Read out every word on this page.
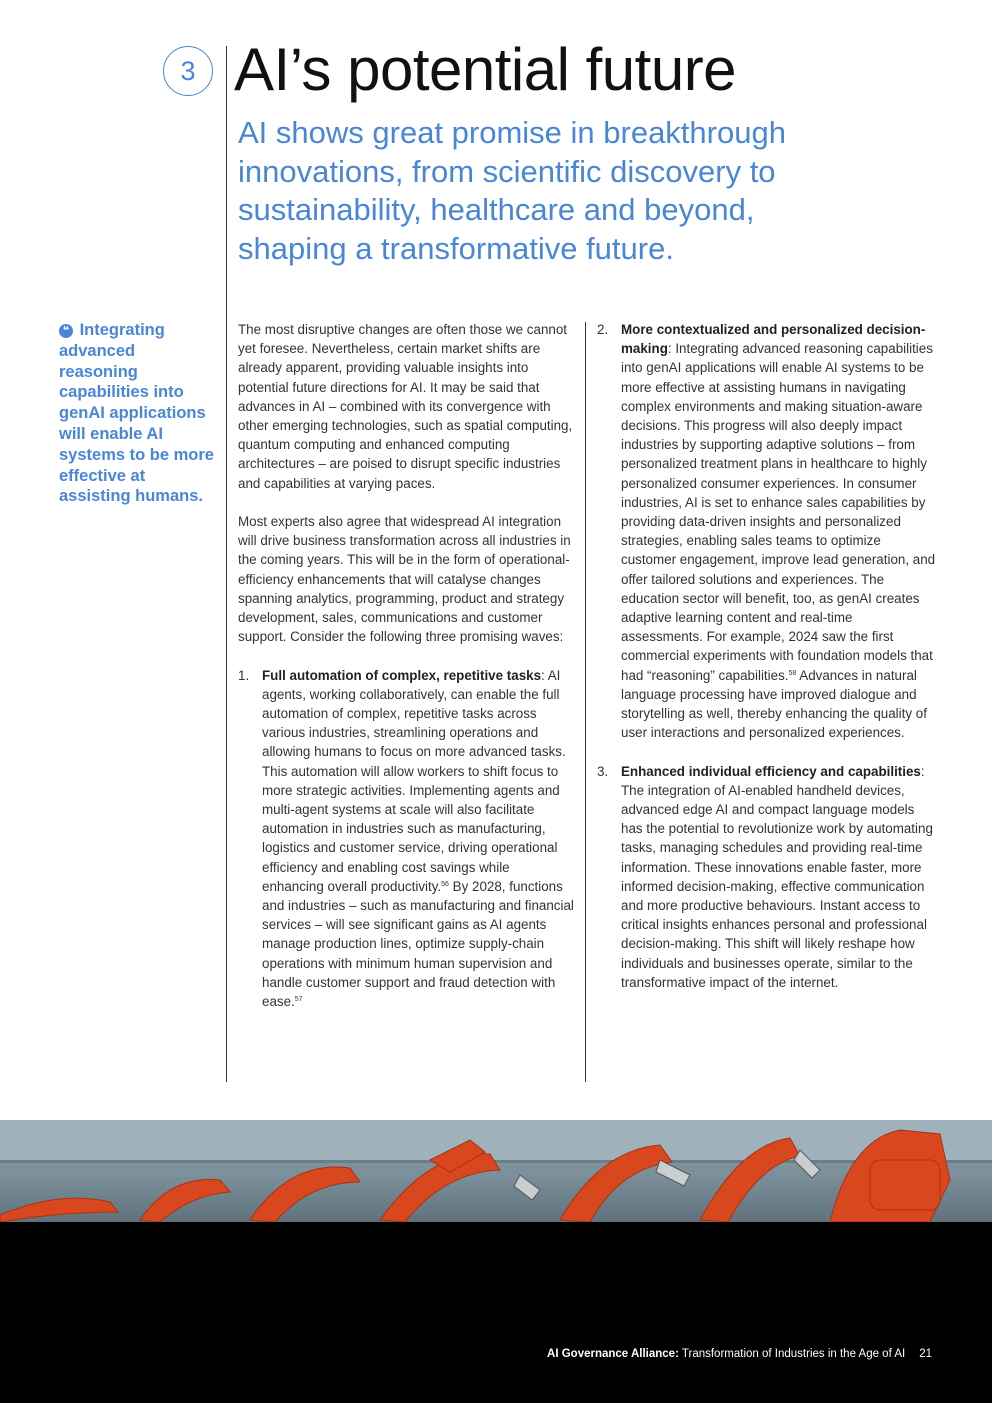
3 AI’s potential future

AI shows great promise in breakthrough innovations, from scientific discovery to sustainability, healthcare and beyond, shaping a transformative future.

❝ Integrating advanced reasoning capabilities into genAI applications will enable AI systems to be more effective at assisting humans.

The most disruptive changes are often those we cannot yet foresee. Nevertheless, certain market shifts are already apparent, providing valuable insights into potential future directions for AI. It may be said that advances in AI – combined with its convergence with other emerging technologies, such as spatial computing, quantum computing and enhanced computing architectures – are poised to disrupt specific industries and capabilities at varying paces.

Most experts also agree that widespread AI integration will drive business transformation across all industries in the coming years. This will be in the form of operational-efficiency enhancements that will catalyse changes spanning analytics, programming, product and strategy development, sales, communications and customer support. Consider the following three promising waves:

1. Full automation of complex, repetitive tasks: AI agents, working collaboratively, can enable the full automation of complex, repetitive tasks across various industries, streamlining operations and allowing humans to focus on more advanced tasks. This automation will allow workers to shift focus to more strategic activities. Implementing agents and multi-agent systems at scale will also facilitate automation in industries such as manufacturing, logistics and customer service, driving operational efficiency and enabling cost savings while enhancing overall productivity.$^{56}$ By 2028, functions and industries – such as manufacturing and financial services – will see significant gains as AI agents manage production lines, optimize supply-chain operations with minimum human supervision and handle customer support and fraud detection with ease.$^{57}$
2. More contextualized and personalized decision-making: Integrating advanced reasoning capabilities into genAI applications will enable AI systems to be more effective at assisting humans in navigating complex environments and making situation-aware decisions. This progress will also deeply impact industries by supporting adaptive solutions – from personalized treatment plans in healthcare to highly personalized consumer experiences. In consumer industries, AI is set to enhance sales capabilities by providing data-driven insights and personalized strategies, enabling sales teams to optimize customer engagement, improve lead generation, and offer tailored solutions and experiences. The education sector will benefit, too, as genAI creates adaptive learning content and real-time assessments. For example, 2024 saw the first commercial experiments with foundation models that had “reasoning” capabilities.$^{58}$ Advances in natural language processing have improved dialogue and storytelling as well, thereby enhancing the quality of user interactions and personalized experiences.
3. Enhanced individual efficiency and capabilities: The integration of AI-enabled handheld devices, advanced edge AI and compact language models has the potential to revolutionize work by automating tasks, managing schedules and providing real-time information. These innovations enable faster, more informed decision-making, effective communication and more productive behaviours. Instant access to critical insights enhances personal and professional decision-making. This shift will likely reshape how individuals and businesses operate, similar to the transformative impact of the internet.
AI Governance Alliance: Transformation of Industries in the Age of AI 21
